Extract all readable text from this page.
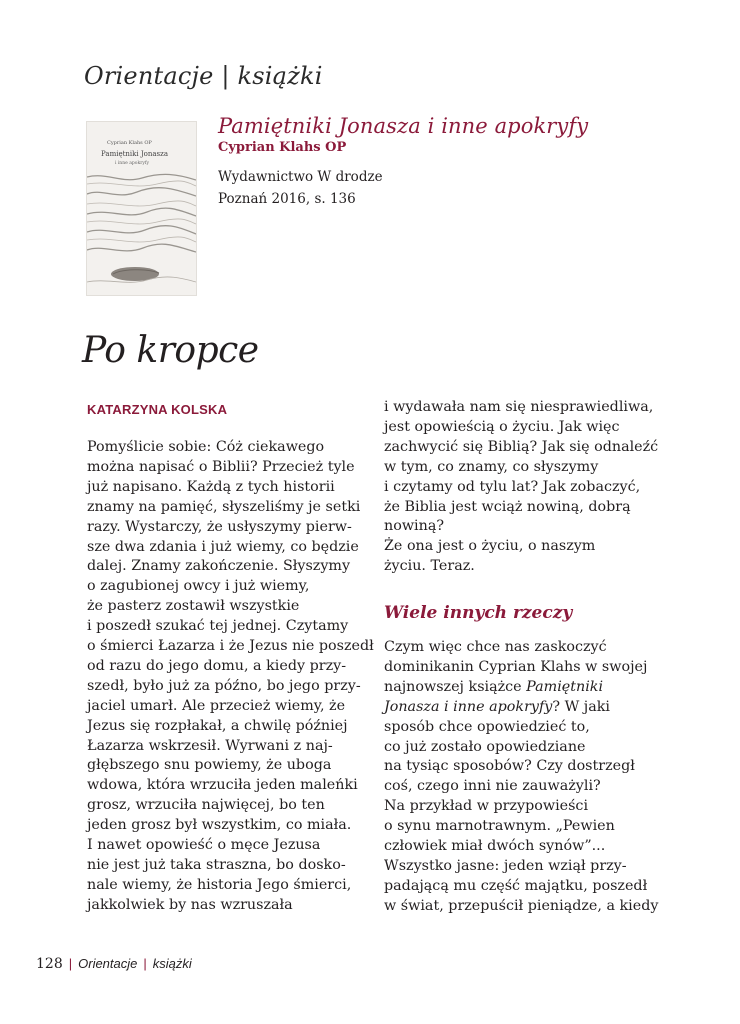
Orientacje | książki
Cyprian Klahs OP
Pamiętniki Jonasza
i inne apokryfy
Pamiętniki Jonasza i inne apokryfy
Cyprian Klahs OP
Wydawnictwo W drodze
Poznań 2016, s. 136
Po kropce
KATARZYNA KOLSKA
Pomyślicie sobie: Cóż ciekawego
można napisać o Biblii? Przecież tyle
już napisano. Każdą z tych historii
znamy na pamięć, słyszeliśmy je setki
razy. Wystarczy, że usłyszymy pierw-
sze dwa zdania i już wiemy, co będzie
dalej. Znamy zakończenie. Słyszymy
o zagubionej owcy i już wiemy,
że pasterz zostawił wszystkie
i poszedł szukać tej jednej. Czytamy
o śmierci Łazarza i że Jezus nie poszedł
od razu do jego domu, a kiedy przy-
szedł, było już za późno, bo jego przy-
jaciel umarł. Ale przecież wiemy, że
Jezus się rozpłakał, a chwilę później
Łazarza wskrzesił. Wyrwani z naj-
głębszego snu powiemy, że uboga
wdowa, która wrzuciła jeden maleńki
grosz, wrzuciła najwięcej, bo ten
jeden grosz był wszystkim, co miała.
I nawet opowieść o męce Jezusa
nie jest już taka straszna, bo dosko-
nale wiemy, że historia Jego śmierci,
jakkolwiek by nas wzruszała
i wydawała nam się niesprawiedliwa,
jest opowieścią o życiu. Jak więc
zachwycić się Biblią? Jak się odnaleźć
w tym, co znamy, co słyszymy
i czytamy od tylu lat? Jak zobaczyć,
że Biblia jest wciąż nowiną, dobrą
nowiną?
Że ona jest o życiu, o naszym
życiu. Teraz.
Wiele innych rzeczy
Czym więc chce nas zaskoczyć
dominikanin Cyprian Klahs w swojej
najnowszej książce Pamiętniki
Jonasza i inne apokryfy? W jaki
sposób chce opowiedzieć to,
co już zostało opowiedziane
na tysiąc sposobów? Czy dostrzegł
coś, czego inni nie zauważyli?
Na przykład w przypowieści
o synu marnotrawnym. „Pewien
człowiek miał dwóch synów”...
Wszystko jasne: jeden wziął przy-
padającą mu część majątku, poszedł
w świat, przepuścił pieniądze, a kiedy
128 | Orientacje | książki
